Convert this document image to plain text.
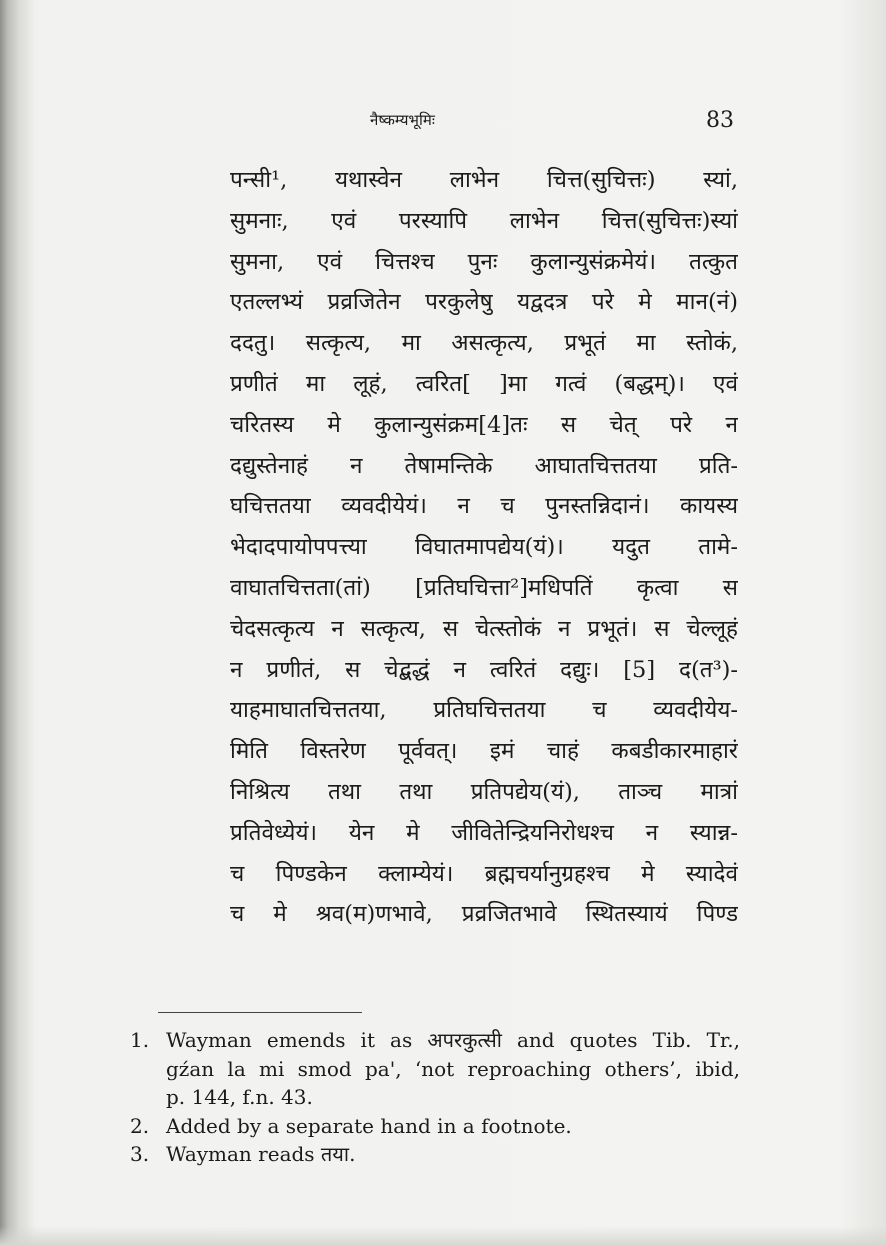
नैष्कम्यभूमिः	83
पन्सी¹, यथास्वेन लाभेन चित्त(सुचित्तः) स्यां,
सुमनाः, एवं परस्यापि लाभेन चित्त(सुचित्तः)स्यां
सुमना, एवं चित्तश्च पुनः कुलान्युसंक्रमेयं। तत्कुत
एतल्लभ्यं प्रव्रजितेन परकुलेषु यद्वदत्र परे मे मान(नं)
ददतु। सत्कृत्य, मा असत्कृत्य, प्रभूतं मा स्तोकं,
प्रणीतं मा लूहं, त्वरित[ ]मा गत्वं (बद्धम्)। एवं
चरितस्य मे कुलान्युसंक्रम[4]तः स चेत् परे न
दद्युस्तेनाहं न तेषामन्तिके आघातचित्ततया प्रति-
घचित्ततया व्यवदीयेयं। न च पुनस्तन्निदानं। कायस्य
भेदादपायोपपत्त्या विघातमापद्येय(यं)। यदुत तामे-
वाघातचित्तता(तां) [प्रतिघचित्ता²]मधिपतिं कृत्वा स
चेदसत्कृत्य न सत्कृत्य, स चेत्स्तोकं न प्रभूतं। स चेल्लूहं
न प्रणीतं, स चेद्बद्धं न त्वरितं दद्युः। [5] द(त³)-
याहमाघातचित्ततया, प्रतिघचित्ततया च व्यवदीयेय-
मिति विस्तरेण पूर्ववत्। इमं चाहं कबडीकारमाहारं
निश्रित्य तथा तथा प्रतिपद्येय(यं), ताञ्च मात्रां
प्रतिवेध्येयं। येन मे जीवितेन्द्रियनिरोधश्च न स्यान्न-
च पिण्डकेन क्लाम्येयं। ब्रह्मचर्यानुग्रहश्च मे स्यादेवं
च मे श्रव(म)णभावे, प्रव्रजितभावे स्थितस्यायं पिण्ड
1. Wayman emends it as अपरकुत्सी and quotes Tib. Tr.,
gźan la mi smod pa', ‘not reproaching others’, ibid,
p. 144, f.n. 43.
2. Added by a separate hand in a footnote.
3. Wayman reads तया.
